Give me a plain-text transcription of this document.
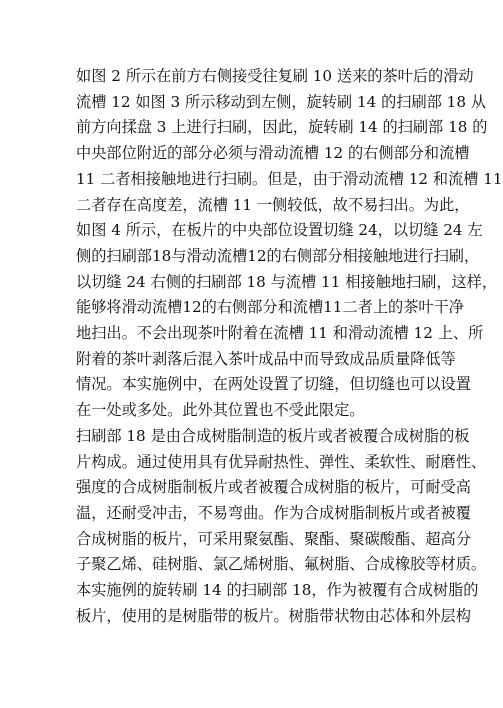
如图 2 所示在前方右侧接受往复刷 10 送来的茶叶后的滑动
流槽 12 如图 3 所示移动到左侧，旋转刷 14 的扫刷部 18 从
前方向揉盘 3 上进行扫刷，因此，旋转刷 14 的扫刷部 18 的
中央部位附近的部分必须与滑动流槽 12 的右侧部分和流槽
11 二者相接触地进行扫刷。但是，由于滑动流槽 12 和流槽 11
二者存在高度差，流槽 11 一侧较低，故不易扫出。为此，
如图 4 所示，在板片的中央部位设置切缝 24，以切缝 24 左
侧的扫刷部18与滑动流槽12的右侧部分相接触地进行扫刷，
以切缝 24 右侧的扫刷部 18 与流槽 11 相接触地扫刷，这样，
能够将滑动流槽12的右侧部分和流槽11二者上的茶叶干净
地扫出。不会出现茶叶附着在流槽 11 和滑动流槽 12 上、所
附着的茶叶剥落后混入茶叶成品中而导致成品质量降低等
情况。本实施例中，在两处设置了切缝，但切缝也可以设置
在一处或多处。此外其位置也不受此限定。
扫刷部 18 是由合成树脂制造的板片或者被覆合成树脂的板
片构成。通过使用具有优异耐热性、弹性、柔软性、耐磨性、
强度的合成树脂制板片或者被覆合成树脂的板片，可耐受高
温，还耐受冲击，不易弯曲。作为合成树脂制板片或者被覆
合成树脂的板片，可采用聚氨酯、聚酯、聚碳酸酯、超高分
子聚乙烯、硅树脂、氯乙烯树脂、氟树脂、合成橡胶等材质。
本实施例的旋转刷 14 的扫刷部 18，作为被覆有合成树脂的
板片，使用的是树脂带的板片。树脂带状物由芯体和外层构
